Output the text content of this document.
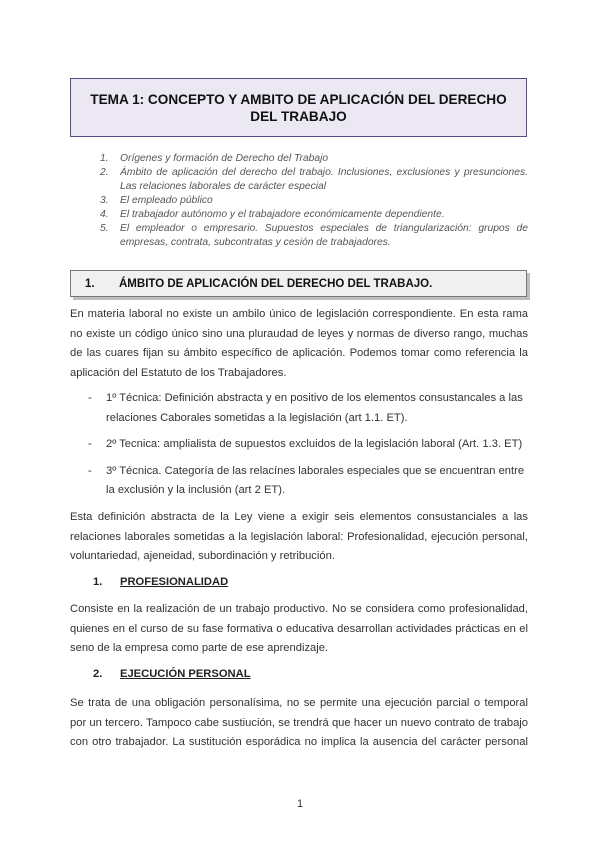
TEMA 1: CONCEPTO Y AMBITO DE APLICACIÓN DEL DERECHO DEL TRABAJO
1. Orígenes y formación de Derecho del Trabajo
2. Ámbito de aplicación del derecho del trabajo. Inclusiones, exclusiones y presunciones. Las relaciones laborales de carácter especial
3. El empleado público
4. El trabajador autónomo y el trabajadore económicamente dependiente.
5. El empleador o empresario. Supuestos especiales de triangularización: grupos de empresas, contrata, subcontratas y cesión de trabajadores.
1.	ÁMBITO DE APLICACIÓN DEL DERECHO DEL TRABAJO.

En materia laboral no existe un ambilo único de legislación correspondiente. En esta rama no existe un código único sino una pluraudad de leyes y normas de diverso rango, muchas de las cuares fijan su ámbito específico de aplicación. Podemos tomar como referencia la aplicación del Estatuto de los Trabajadores.

- 1º Técnica: Definición abstracta y en positivo de los elementos consustancales a las relaciones Caborales sometidas a la legislación (art 1.1. ET).
- 2º Tecnica: amplialista de supuestos excluidos de la legislación laboral (Art. 1.3. ET)
- 3º Técnica. Categoría de las relacínes laborales especiales que se encuentran entre la exclusión y la inclusión (art 2 ET).

Esta definición abstracta de la Ley viene a exigir seis elementos consustanciales a las relaciones laborales sometidas a la legislación laboral: Profesionalidad, ejecución personal, voluntariedad, ajeneidad, subordinación y retribución.

1. PROFESIONALIDAD

Consiste en la realización de un trabajo productivo. No se considera como profesionalidad, quienes en el curso de su fase formativa o educativa desarrollan actividades prácticas en el seno de la empresa como parte de ese aprendizaje.

2. EJECUCIÓN PERSONAL

Se trata de una obligación personalísima, no se permite una ejecución parcial o temporal por un tercero. Tampoco cabe sustiución, se trendrá que hacer un nuevo contrato de trabajo con otro trabajador. La sustitución esporádica no implica la ausencia del carácter personal

1
